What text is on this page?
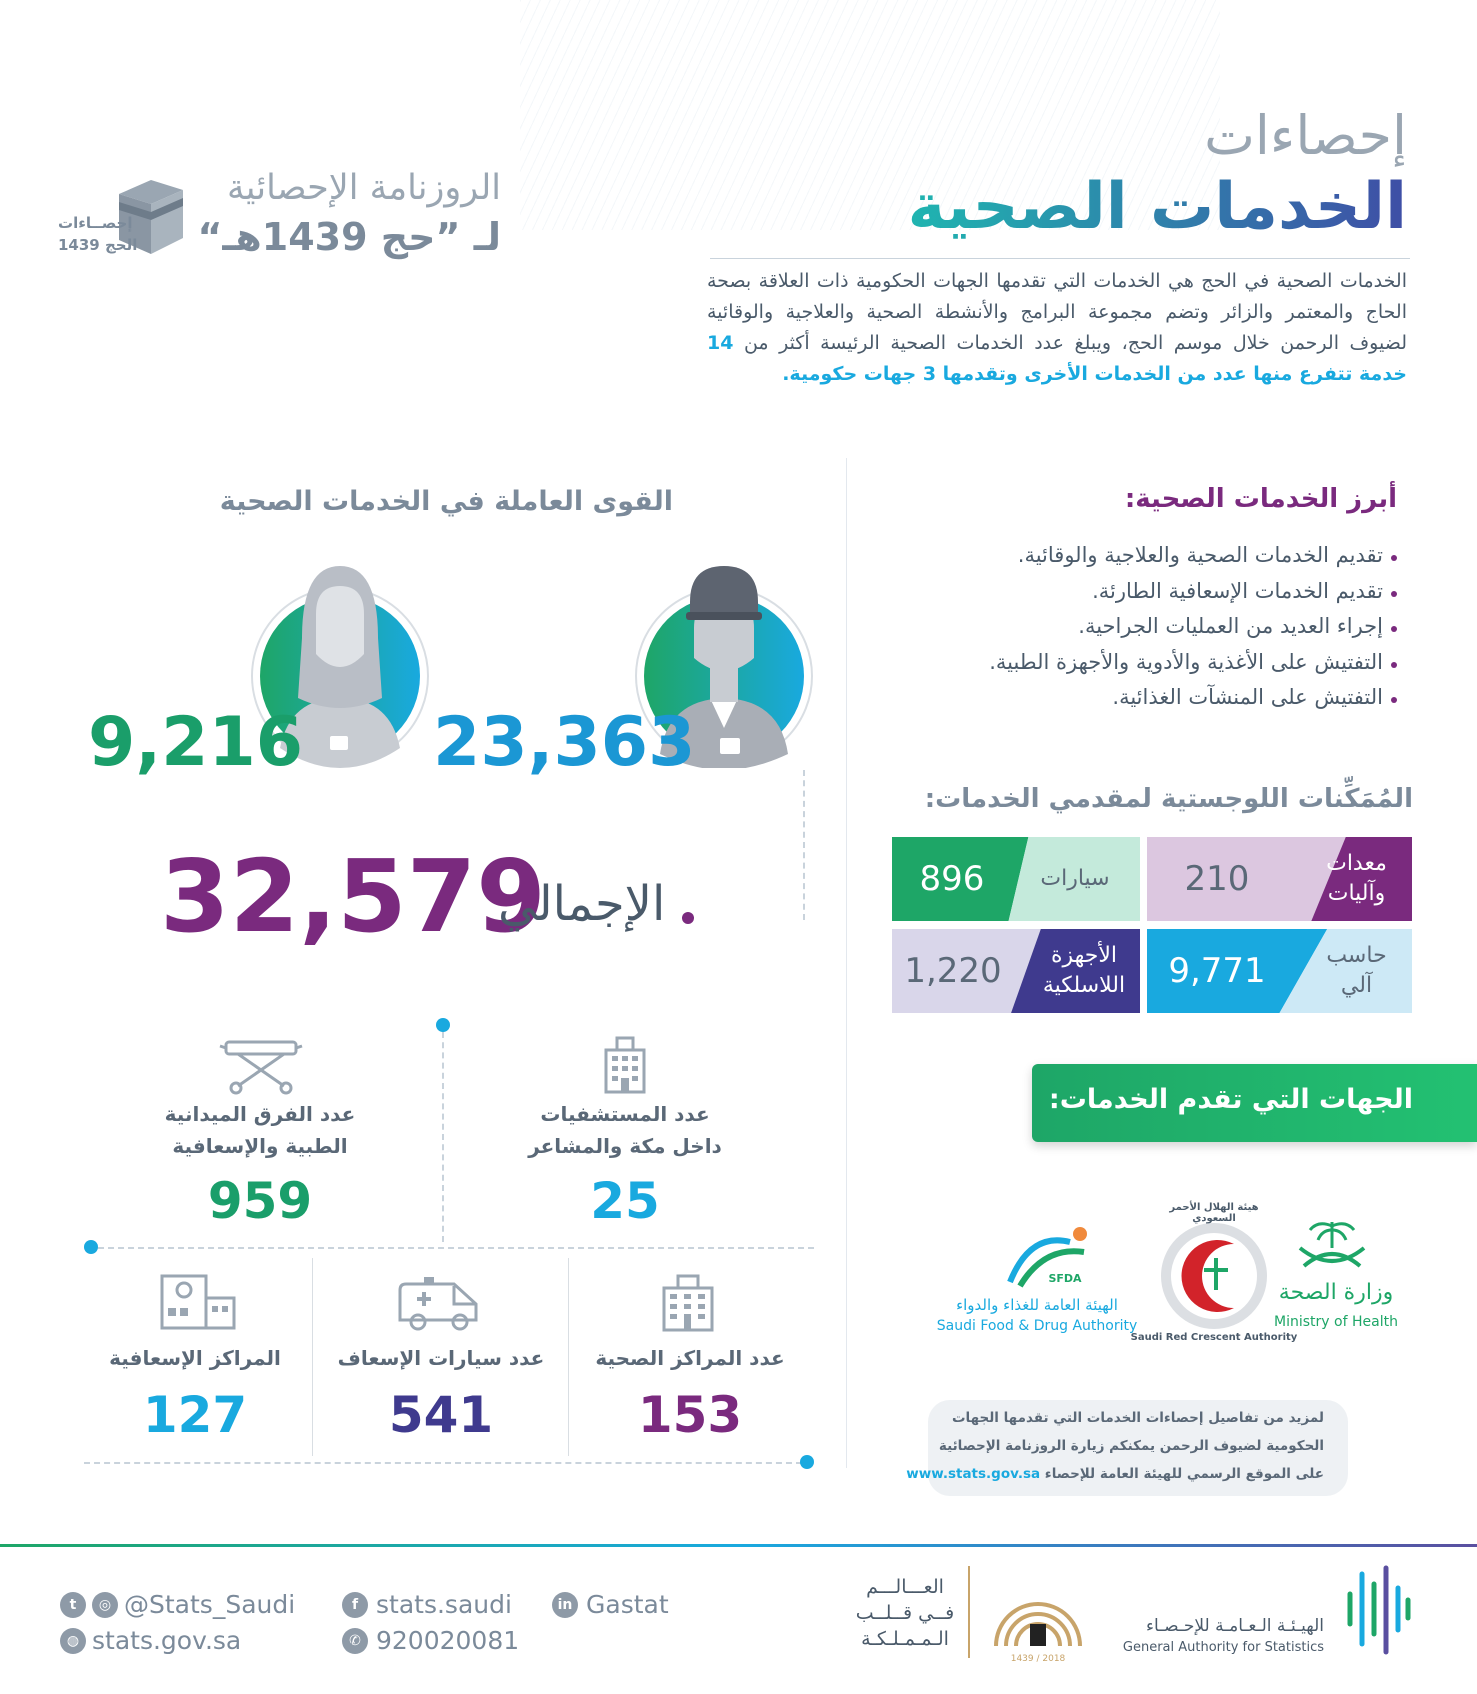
إحصاءات
الخدمات الصحية
الخدمات الصحية في الحج هي الخدمات التي تقدمها الجهات الحكومية ذات العلاقة بصحة الحاج والمعتمر والزائر وتضم مجموعة البرامج والأنشطة الصحية والعلاجية والوقائية لضيوف الرحمن خلال موسم الحج، ويبلغ عدد الخدمات الصحية الرئيسة أكثر من 14 خدمة تتفرع منها عدد من الخدمات الأخرى وتقدمها 3 جهات حكومية.
الروزنامة الإحصائية
لـ ”حج 1439هـ“
إحصــاءات
الحج 1439
القوى العاملة في الخدمات الصحية
9,216 23,363
32,579
الإجمالي
عدد الفرق الميدانية
الطبية والإسعافية
959
عدد المستشفيات
داخل مكة والمشاعر
25
المراكز الإسعافية
127
عدد سيارات الإسعاف
541
عدد المراكز الصحية
153
أبرز الخدمات الصحية:
تقديم الخدمات الصحية والعلاجية والوقائية.
تقديم الخدمات الإسعافية الطارئة.
إجراء العديد من العمليات الجراحية.
التفتيش على الأغذية والأدوية والأجهزة الطبية.
التفتيش على المنشآت الغذائية.
المُمَكِّنات اللوجستية لمقدمي الخدمات:
210	معدات وآليات
896	سيارات
9,771	حاسب آلي
1,220	الأجهزة اللاسلكية
الجهات التي تقدم الخدمات:
وزارة الصحة
Ministry of Health
هيئة الهلال الأحمر السعودي
Saudi Red Crescent Authority
SFDA
الهيئة العامة للغذاء والدواء
Saudi Food & Drug Authority
لمزيد من تفاصيل إحصاءات الخدمات التي تقدمها الجهات
الحكومية لضيوف الرحمن يمكنكم زيارة الروزنامة الإحصائية
على الموقع الرسمي للهيئة العامة للإحصاء www.stats.gov.sa
t	◎ @Stats_Saudi
◍ stats.gov.sa
f stats.saudi
✆ 920020081
in Gastat
العـــالـــم
فــي قــلــب
الـمـمـلـكـة
1439 / 2018
الهيـئـة الـعـامـة للإحـصـاء
General Authority for Statistics
